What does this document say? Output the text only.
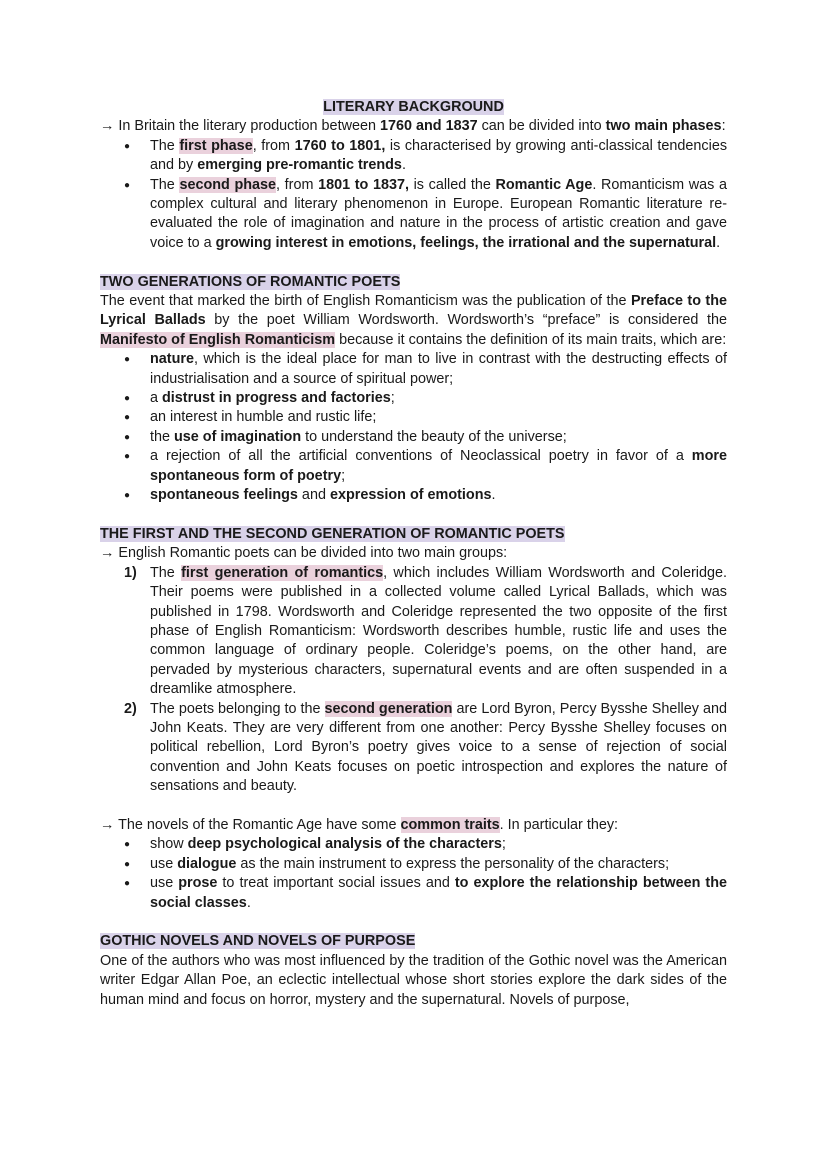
LITERARY BACKGROUND

→ In Britain the literary production between 1760 and 1837 can be divided into two main phases:

● The first phase, from 1760 to 1801, is characterised by growing anti-classical tendencies and by emerging pre-romantic trends.
● The second phase, from 1801 to 1837, is called the Romantic Age. Romanticism was a complex cultural and literary phenomenon in Europe. European Romantic literature re-evaluated the role of imagination and nature in the process of artistic creation and gave voice to a growing interest in emotions, feelings, the irrational and the supernatural.

TWO GENERATIONS OF ROMANTIC POETS

The event that marked the birth of English Romanticism was the publication of the Preface to the Lyrical Ballads by the poet William Wordsworth. Wordsworth’s “preface” is considered the Manifesto of English Romanticism because it contains the definition of its main traits, which are:

● nature, which is the ideal place for man to live in contrast with the destructing effects of industrialisation and a source of spiritual power;
● a distrust in progress and factories;
● an interest in humble and rustic life;
● the use of imagination to understand the beauty of the universe;
● a rejection of all the artificial conventions of Neoclassical poetry in favor of a more spontaneous form of poetry;
● spontaneous feelings and expression of emotions.

THE FIRST AND THE SECOND GENERATION OF ROMANTIC POETS

→ English Romantic poets can be divided into two main groups:

1) The first generation of romantics, which includes William Wordsworth and Coleridge. Their poems were published in a collected volume called Lyrical Ballads, which was published in 1798. Wordsworth and Coleridge represented the two opposite of the first phase of English Romanticism: Wordsworth describes humble, rustic life and uses the common language of ordinary people. Coleridge’s poems, on the other hand, are pervaded by mysterious characters, supernatural events and are often suspended in a dreamlike atmosphere.
2) The poets belonging to the second generation are Lord Byron, Percy Bysshe Shelley and John Keats. They are very different from one another: Percy Bysshe Shelley focuses on political rebellion, Lord Byron’s poetry gives voice to a sense of rejection of social convention and John Keats focuses on poetic introspection and explores the nature of sensations and beauty.

→ The novels of the Romantic Age have some common traits. In particular they:

● show deep psychological analysis of the characters;
● use dialogue as the main instrument to express the personality of the characters;
● use prose to treat important social issues and to explore the relationship between the social classes.

GOTHIC NOVELS AND NOVELS OF PURPOSE

One of the authors who was most influenced by the tradition of the Gothic novel was the American writer Edgar Allan Poe, an eclectic intellectual whose short stories explore the dark sides of the human mind and focus on horror, mystery and the supernatural. Novels of purpose,
